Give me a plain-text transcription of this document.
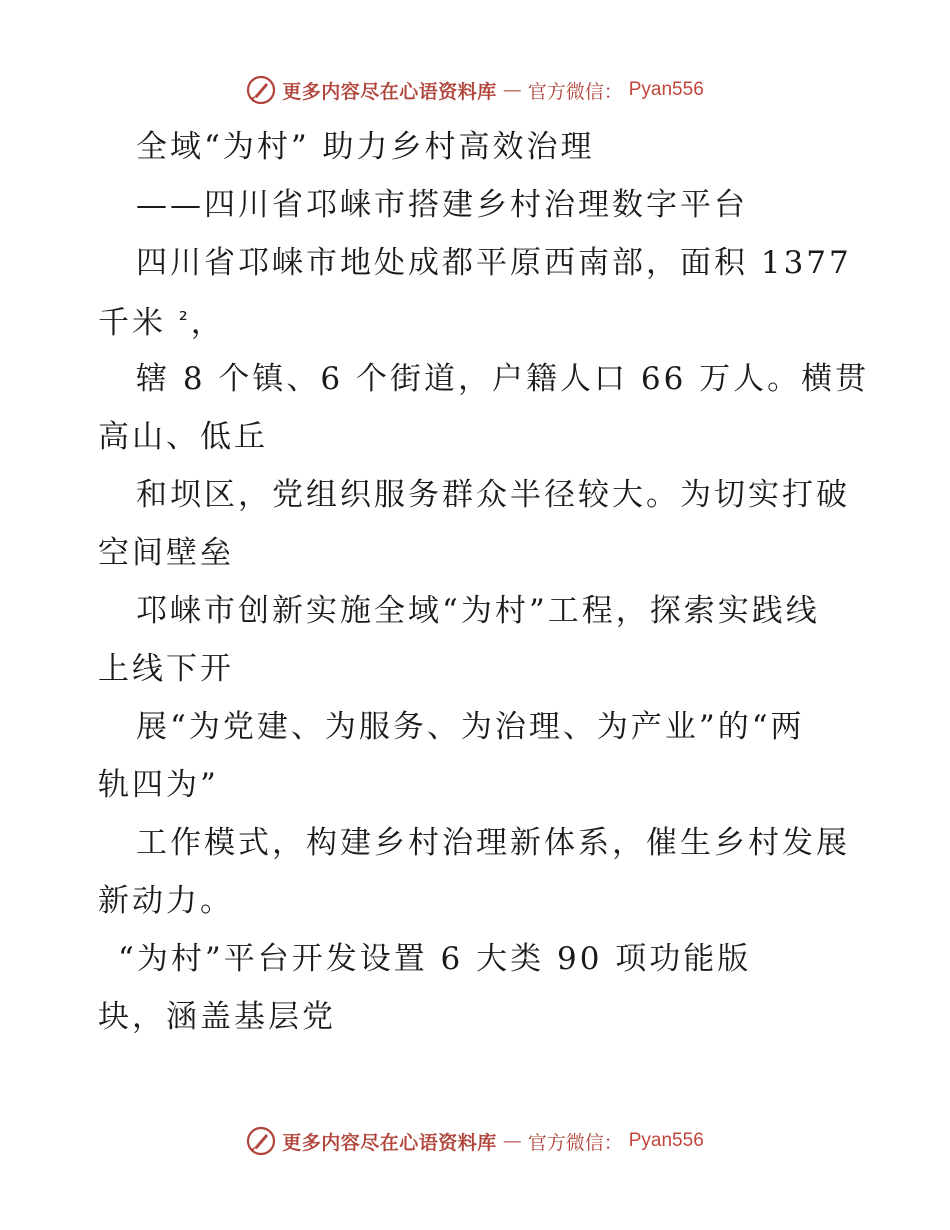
更多内容尽在心语资料库 — 官方微信： Pyan556
全域“为村” 助力乡村高效治理
——四川省邛崃市搭建乡村治理数字平台
四川省邛崃市地处成都平原西南部，面积 1377
千米 $^{^2}$，
辖 8 个镇、6 个街道，户籍人口 66 万人。横贯
高山、低丘
和坝区，党组织服务群众半径较大。为切实打破
空间壁垒
邛崃市创新实施全域“为村”工程，探索实践线
上线下开
展“为党建、为服务、为治理、为产业”的“两
轨四为”
工作模式，构建乡村治理新体系，催生乡村发展
新动力。
“为村”平台开发设置 6 大类 90 项功能版
块，涵盖基层党
更多内容尽在心语资料库 — 官方微信： Pyan556
